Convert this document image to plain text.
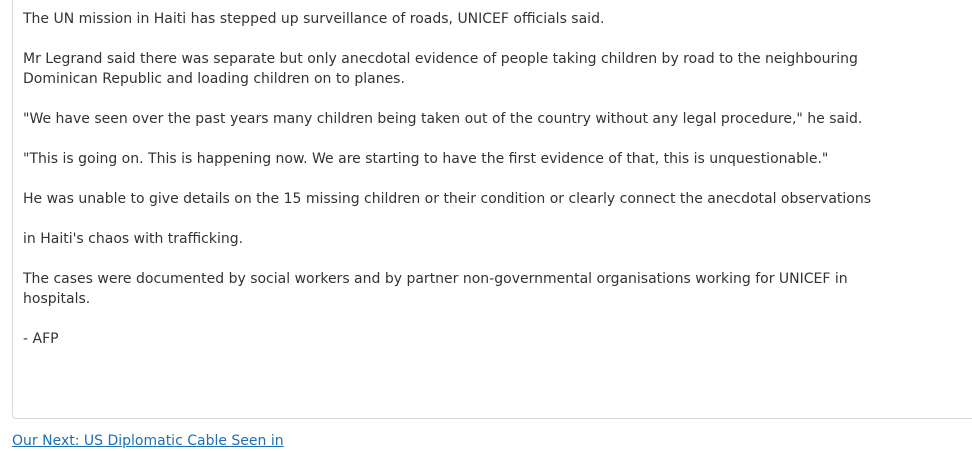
The UN mission in Haiti has stepped up surveillance of roads, UNICEF officials said.

Mr Legrand said there was separate but only anecdotal evidence of people taking children by road to the neighbouring Dominican Republic and loading children on to planes.

"We have seen over the past years many children being taken out of the country without any legal procedure," he said.

"This is going on. This is happening now. We are starting to have the first evidence of that, this is unquestionable."

He was unable to give details on the 15 missing children or their condition or clearly connect the anecdotal observations

in Haiti's chaos with trafficking.

The cases were documented by social workers and by partner non-governmental organisations working for UNICEF in hospitals.

- AFP

Our Next: US Diplomatic Cable Seen in
